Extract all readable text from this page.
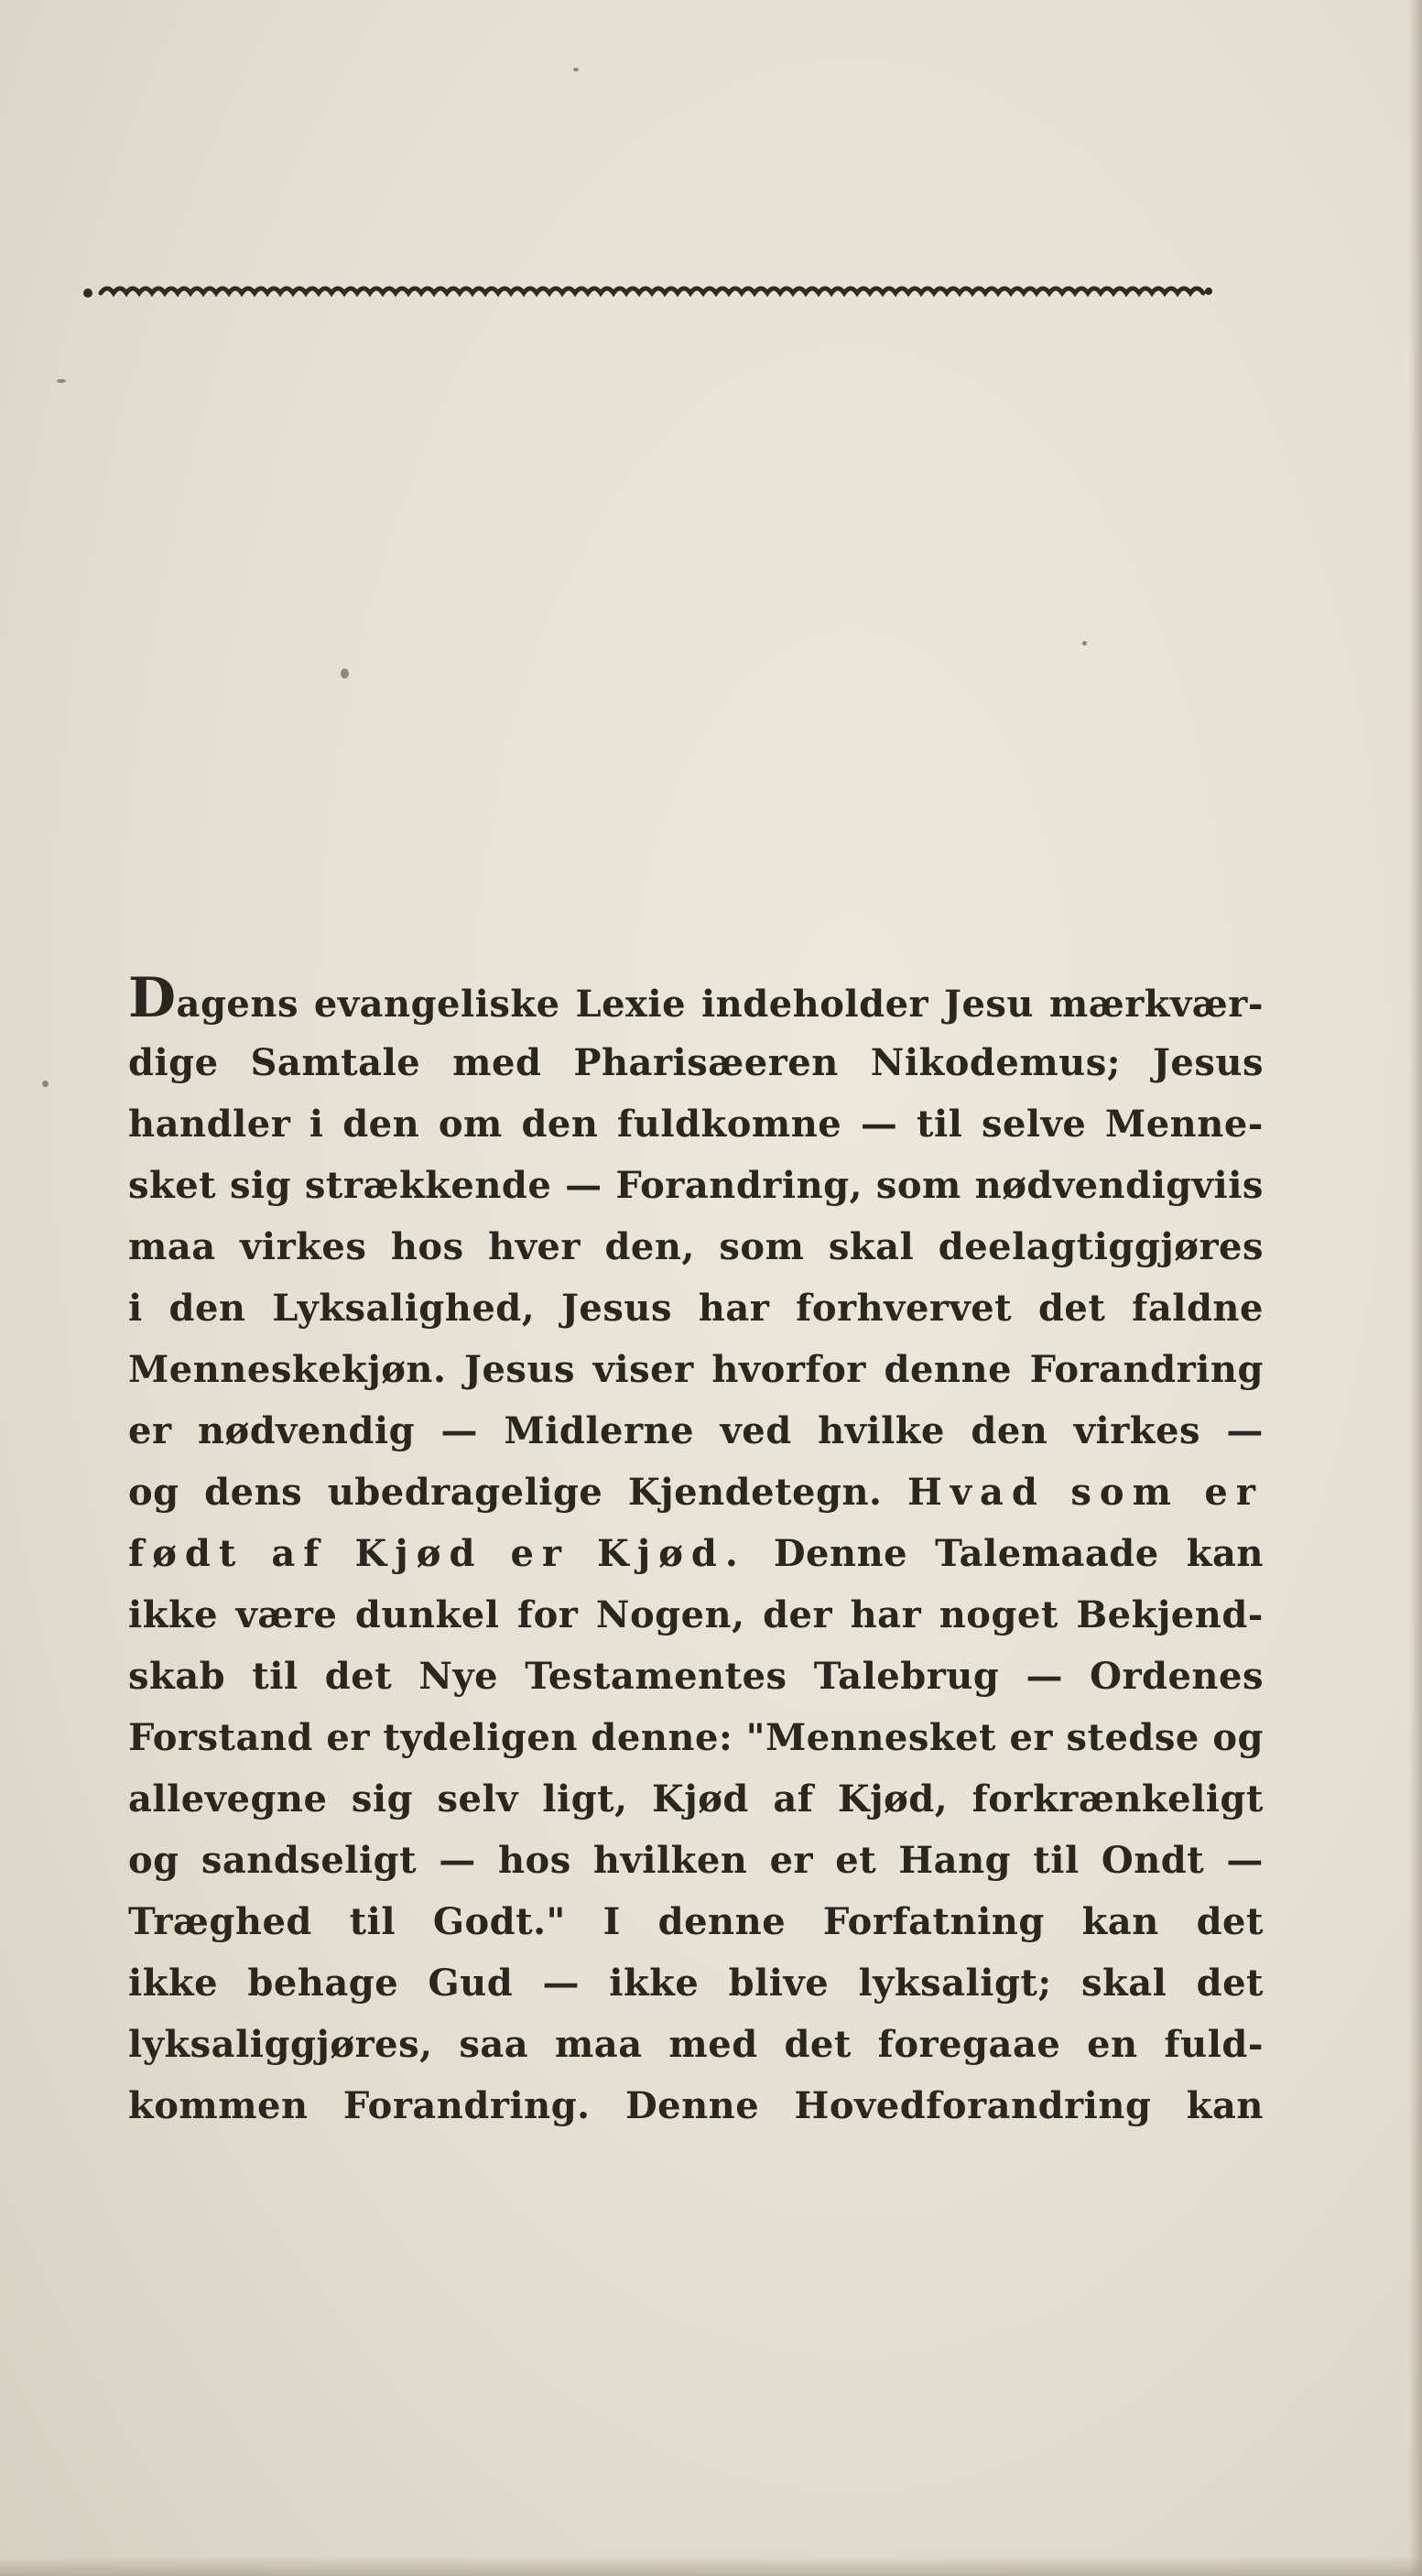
Dagens evangeliske Lexie indeholder Jesu mærkvær-
dige Samtale med Pharisæeren Nikodemus; Jesus
handler i den om den fuldkomne — til selve Menne-
sket sig strækkende — Forandring, som nødvendigviis
maa virkes hos hver den, som skal deelagtiggjøres
i den Lyksalighed, Jesus har forhvervet det faldne
Menneskekjøn. Jesus viser hvorfor denne Forandring
er nødvendig — Midlerne ved hvilke den virkes —
og dens ubedragelige Kjendetegn. Hvad som er
født af Kjød er Kjød. Denne Talemaade kan
ikke være dunkel for Nogen, der har noget Bekjend-
skab til det Nye Testamentes Talebrug — Ordenes
Forstand er tydeligen denne: "Mennesket er stedse og
allevegne sig selv ligt, Kjød af Kjød, forkrænkeligt
og sandseligt — hos hvilken er et Hang til Ondt —
Træghed til Godt." I denne Forfatning kan det
ikke behage Gud — ikke blive lyksaligt; skal det
lyksaliggjøres, saa maa med det foregaae en fuld-
kommen Forandring. Denne Hovedforandring kan
